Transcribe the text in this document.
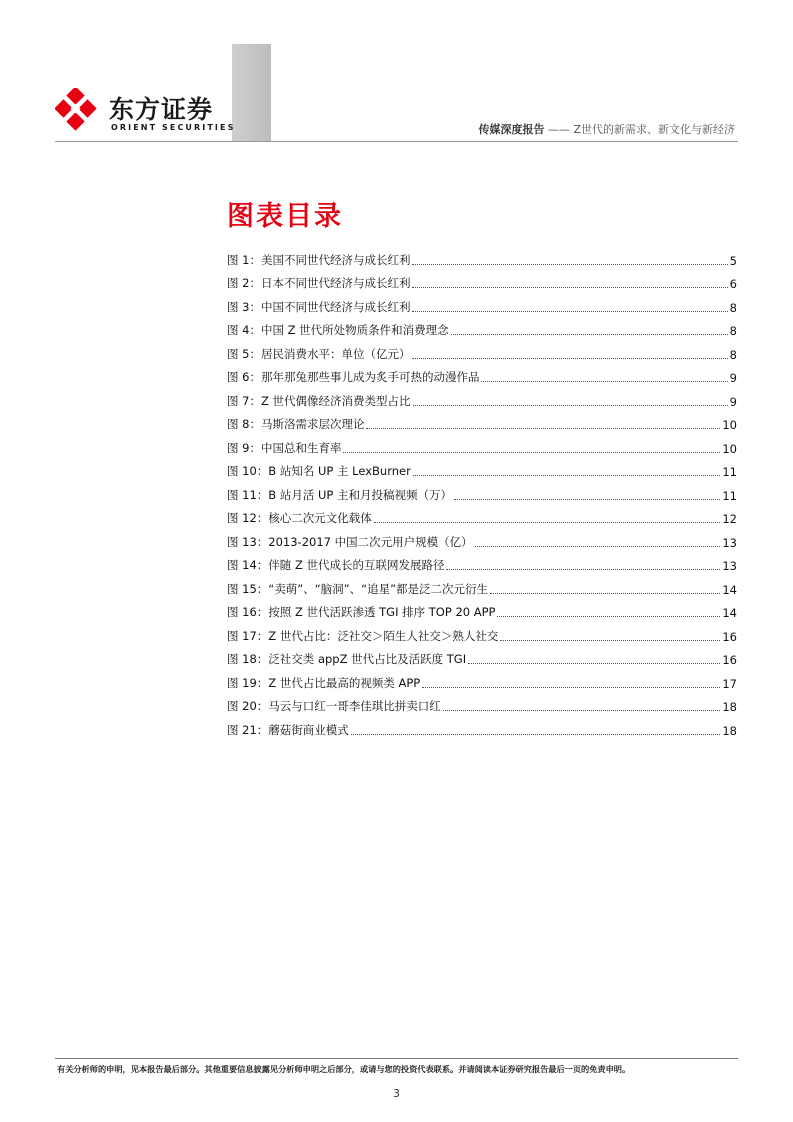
东方证券
ORIENT SECURITIES	传媒深度报告 —— Z世代的新需求、新文化与新经济
图表目录
图 1：美国不同世代经济与成长红利	5
图 2：日本不同世代经济与成长红利	6
图 3：中国不同世代经济与成长红利	8
图 4：中国 Z 世代所处物质条件和消费理念	8
图 5：居民消费水平：单位（亿元）	8
图 6：那年那兔那些事儿成为炙手可热的动漫作品	9
图 7：Z 世代偶像经济消费类型占比	9
图 8：马斯洛需求层次理论	10
图 9：中国总和生育率	10
图 10：B 站知名 UP 主 LexBurner	11
图 11：B 站月活 UP 主和月投稿视频（万）	11
图 12：核心二次元文化载体	12
图 13：2013-2017 中国二次元用户规模（亿）	13
图 14：伴随 Z 世代成长的互联网发展路径	13
图 15：“卖萌”、“脑洞”、“追星”都是泛二次元衍生	14
图 16：按照 Z 世代活跃渗透 TGI 排序 TOP 20 APP	14
图 17：Z 世代占比：泛社交＞陌生人社交＞熟人社交	16
图 18：泛社交类 appZ 世代占比及活跃度 TGI	16
图 19：Z 世代占比最高的视频类 APP	17
图 20：马云与口红一哥李佳琪比拼卖口红	18
图 21：蘑菇街商业模式	18
有关分析师的申明，见本报告最后部分。其他重要信息披露见分析师申明之后部分，或请与您的投资代表联系。并请阅读本证券研究报告最后一页的免责申明。
3
